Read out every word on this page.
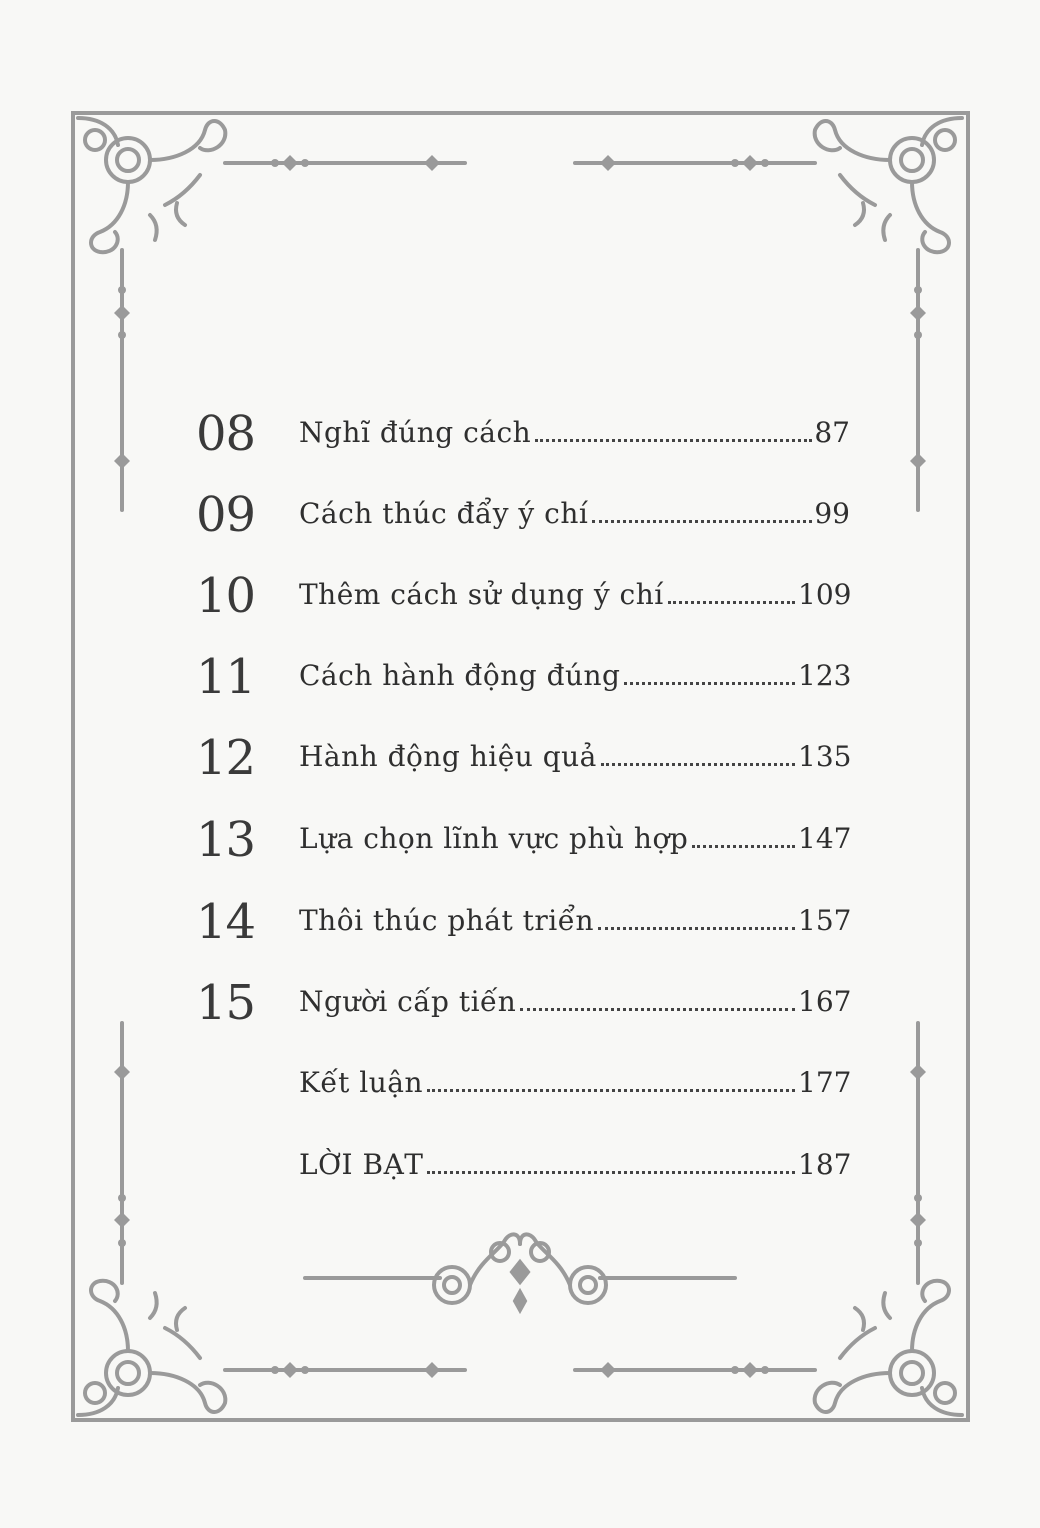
08 Nghĩ đúng cách	87
09 Cách thúc đẩy ý chí	99
10 Thêm cách sử dụng ý chí	109
11 Cách hành động đúng	123
12 Hành động hiệu quả	135
13 Lựa chọn lĩnh vực phù hợp	147
14 Thôi thúc phát triển	157
15 Người cấp tiến	167
Kết luận	177
LỜI BẠT	187
